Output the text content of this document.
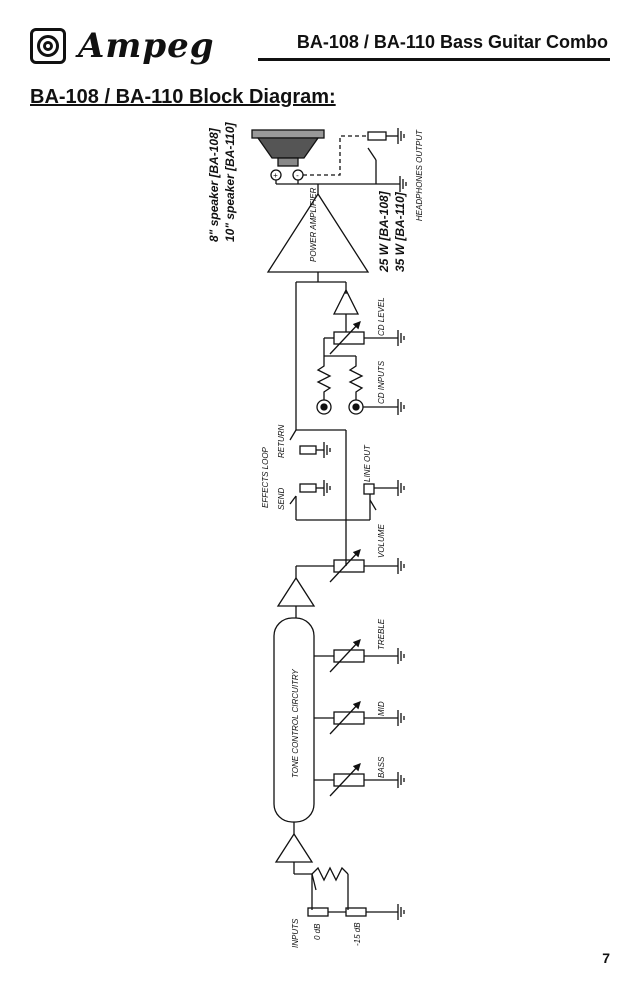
Ampeg	BA-108 / BA-110 Bass Guitar Combo
BA-108 / BA-110 Block Diagram:
8" speaker [BA-108] 10" speaker [BA-110]	25 W [BA-108] 35 W [BA-110]
HEADPHONES OUTPUT
POWER AMPLIFIER
CD LEVEL
CD INPUTS
EFFECTS LOOP
RETURN
SEND
LINE OUT
VOLUME
TONE CONTROL CIRCUITRY
TREBLE
MID
BASS
INPUTS 0 dB	-15 dB
+ -
7
